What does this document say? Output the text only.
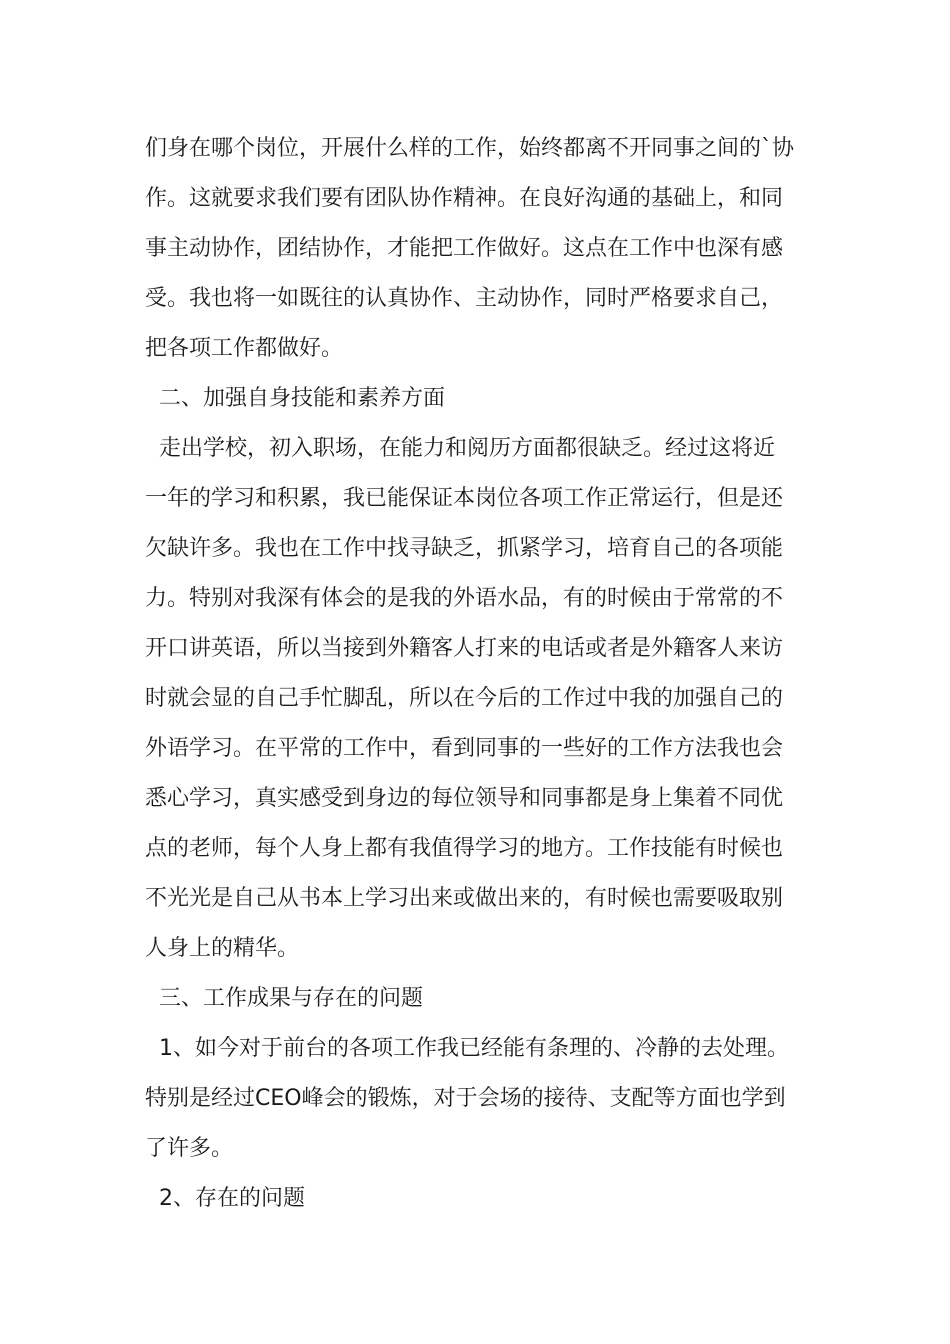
们身在哪个岗位，开展什么样的工作，始终都离不开同事之间的`协
作。这就要求我们要有团队协作精神。在良好沟通的基础上，和同
事主动协作，团结协作，才能把工作做好。这点在工作中也深有感
受。我也将一如既往的认真协作、主动协作，同时严格要求自己，
把各项工作都做好。
二、加强自身技能和素养方面
走出学校，初入职场，在能力和阅历方面都很缺乏。经过这将近
一年的学习和积累，我已能保证本岗位各项工作正常运行，但是还
欠缺许多。我也在工作中找寻缺乏，抓紧学习，培育自己的各项能
力。特别对我深有体会的是我的外语水品，有的时候由于常常的不
开口讲英语，所以当接到外籍客人打来的电话或者是外籍客人来访
时就会显的自己手忙脚乱，所以在今后的工作过中我的加强自己的
外语学习。在平常的工作中，看到同事的一些好的工作方法我也会
悉心学习，真实感受到身边的每位领导和同事都是身上集着不同优
点的老师，每个人身上都有我值得学习的地方。工作技能有时候也
不光光是自己从书本上学习出来或做出来的，有时候也需要吸取别
人身上的精华。
三、工作成果与存在的问题
1、如今对于前台的各项工作我已经能有条理的、冷静的去处理。
特别是经过CEO峰会的锻炼，对于会场的接待、支配等方面也学到
了许多。
2、存在的问题
